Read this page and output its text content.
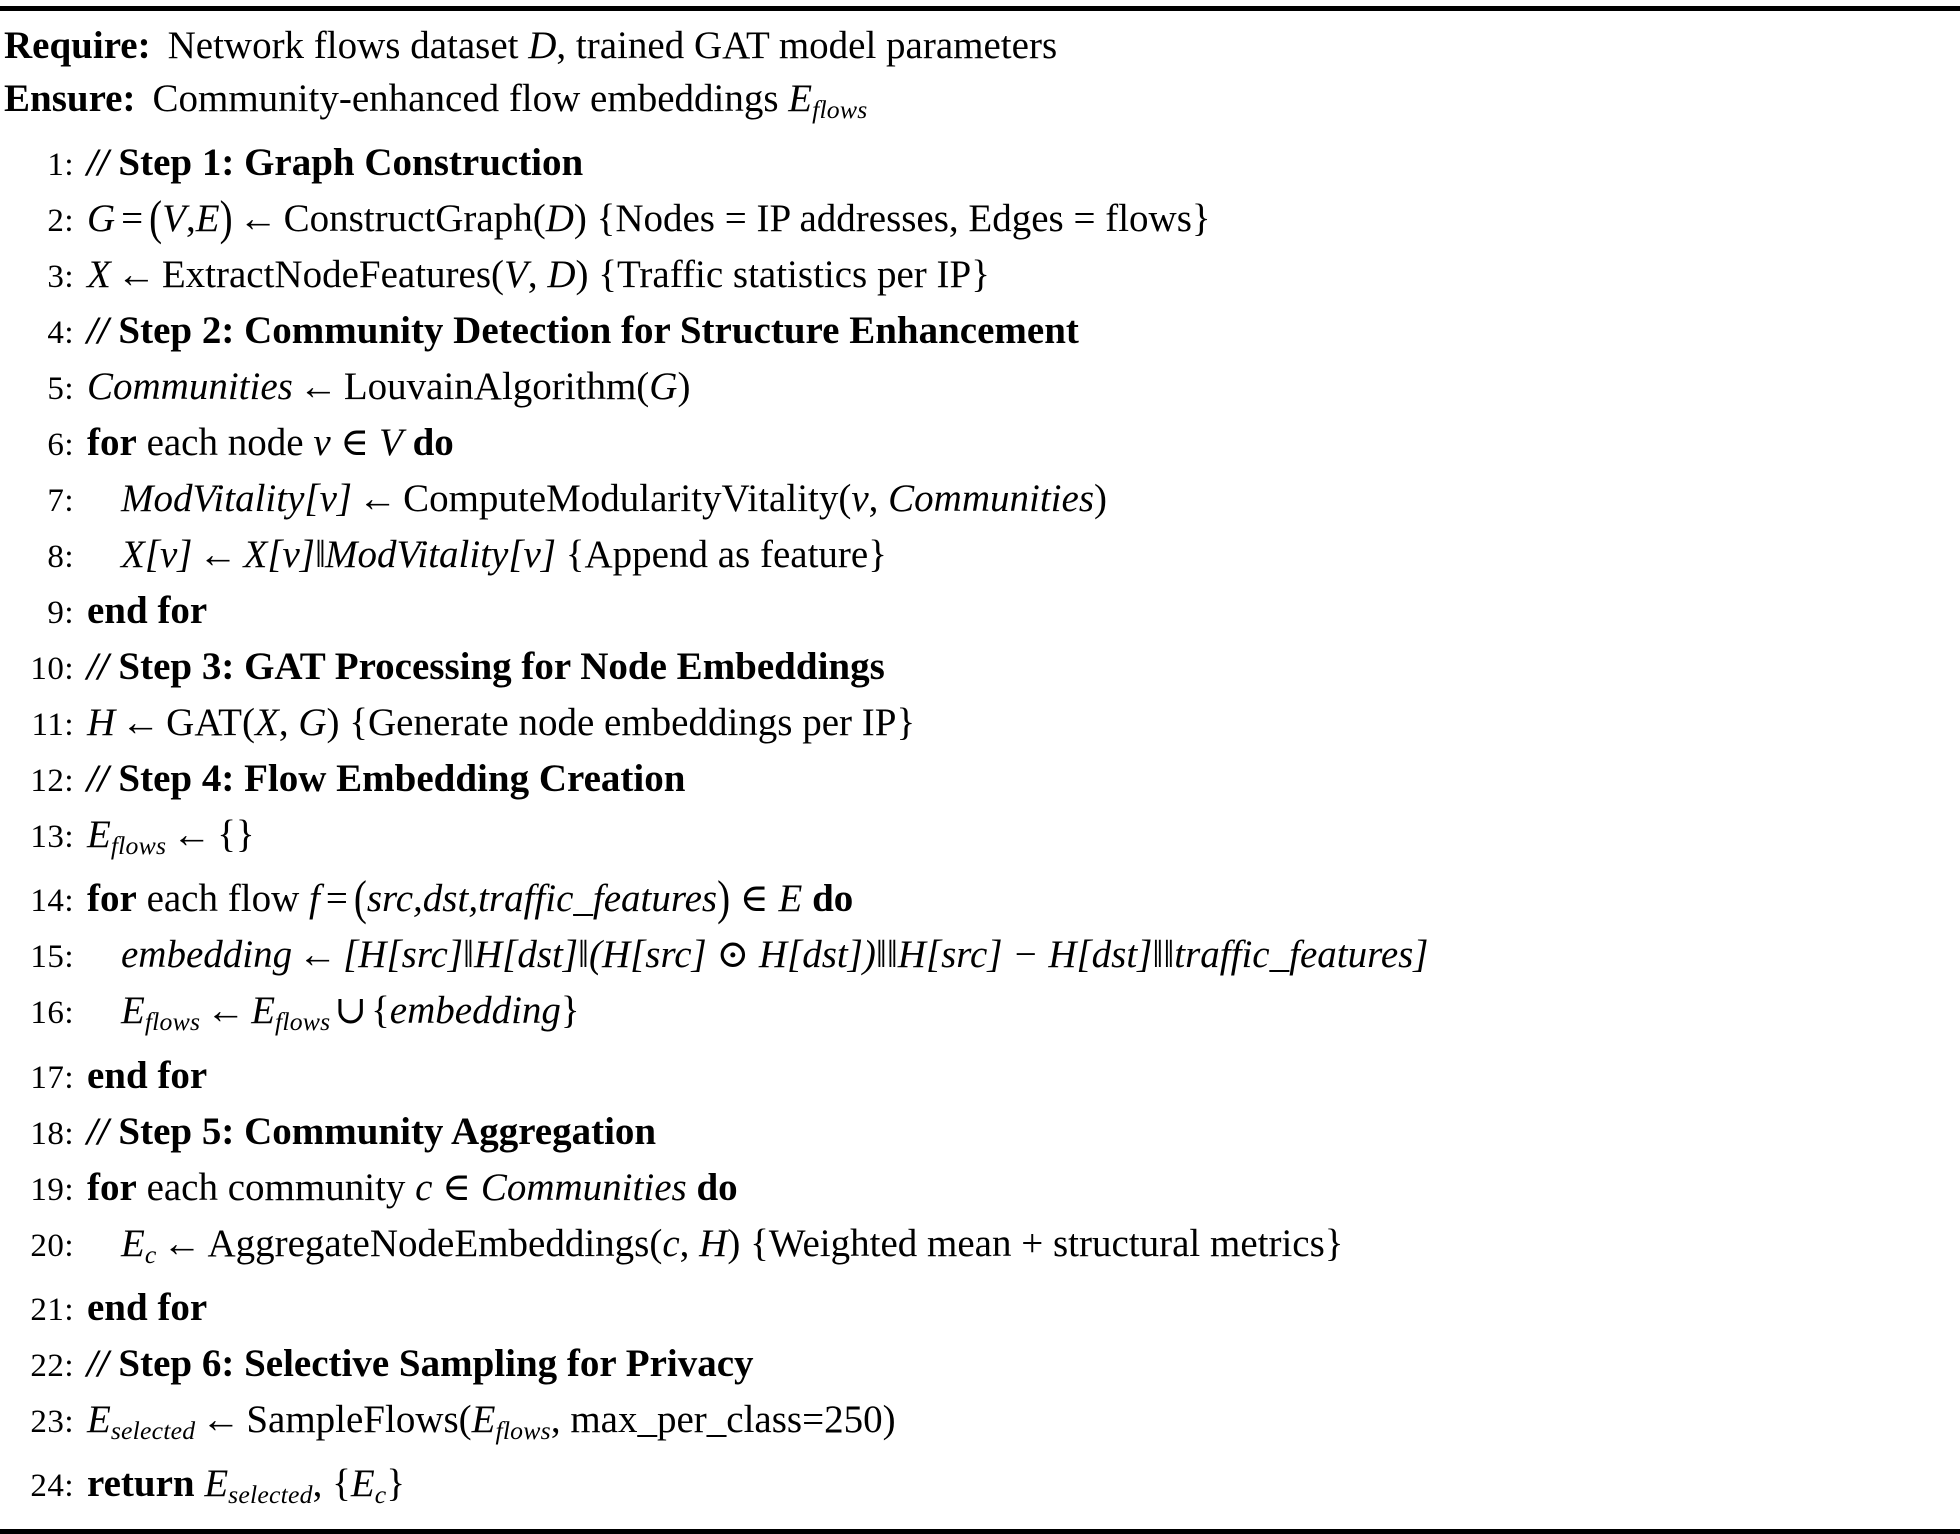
Require: Network flows dataset D, trained GAT model parameters
Ensure: Community-enhanced flow embeddings $E_{flows}$
1: // Step 1: Graph Construction
2: G = (V,E) ← ConstructGraph(D) {Nodes = IP addresses, Edges = flows}
3: X ← ExtractNodeFeatures(V, D) {Traffic statistics per IP}
4: // Step 2: Community Detection for Structure Enhancement
5: Communities ← LouvainAlgorithm(G)
6: for each node v ∈ V do
7:	ModVitality[v] ← ComputeModularityVitality(v, Communities)
8:	X[v] ← X[v]‖ModVitality[v] {Append as feature}
9: end for
10: // Step 3: GAT Processing for Node Embeddings
11: H ← GAT(X, G) {Generate node embeddings per IP}
12: // Step 4: Flow Embedding Creation
13: $E_{flows}$ ← {}
14: for each flow f = (src,dst,traffic_features) ∈ E do
15:	embedding ← [H[src]‖H[dst]‖(H[src] ⊙ H[dst])‖‖H[src] − H[dst]‖‖traffic_features]
16:	$E_{flows}$ ← $E_{flows}$ ∪ {embedding}
17: end for
18: // Step 5: Community Aggregation
19: for each community c ∈ Communities do
20:	$E_c$ ← AggregateNodeEmbeddings(c, H) {Weighted mean + structural metrics}
21: end for
22: // Step 6: Selective Sampling for Privacy
23: $E_{selected}$ ← $SampleFlows(E_{flows}$, max_per_class=250)
24: return $E_{selected}$, $\{E_c\}$
